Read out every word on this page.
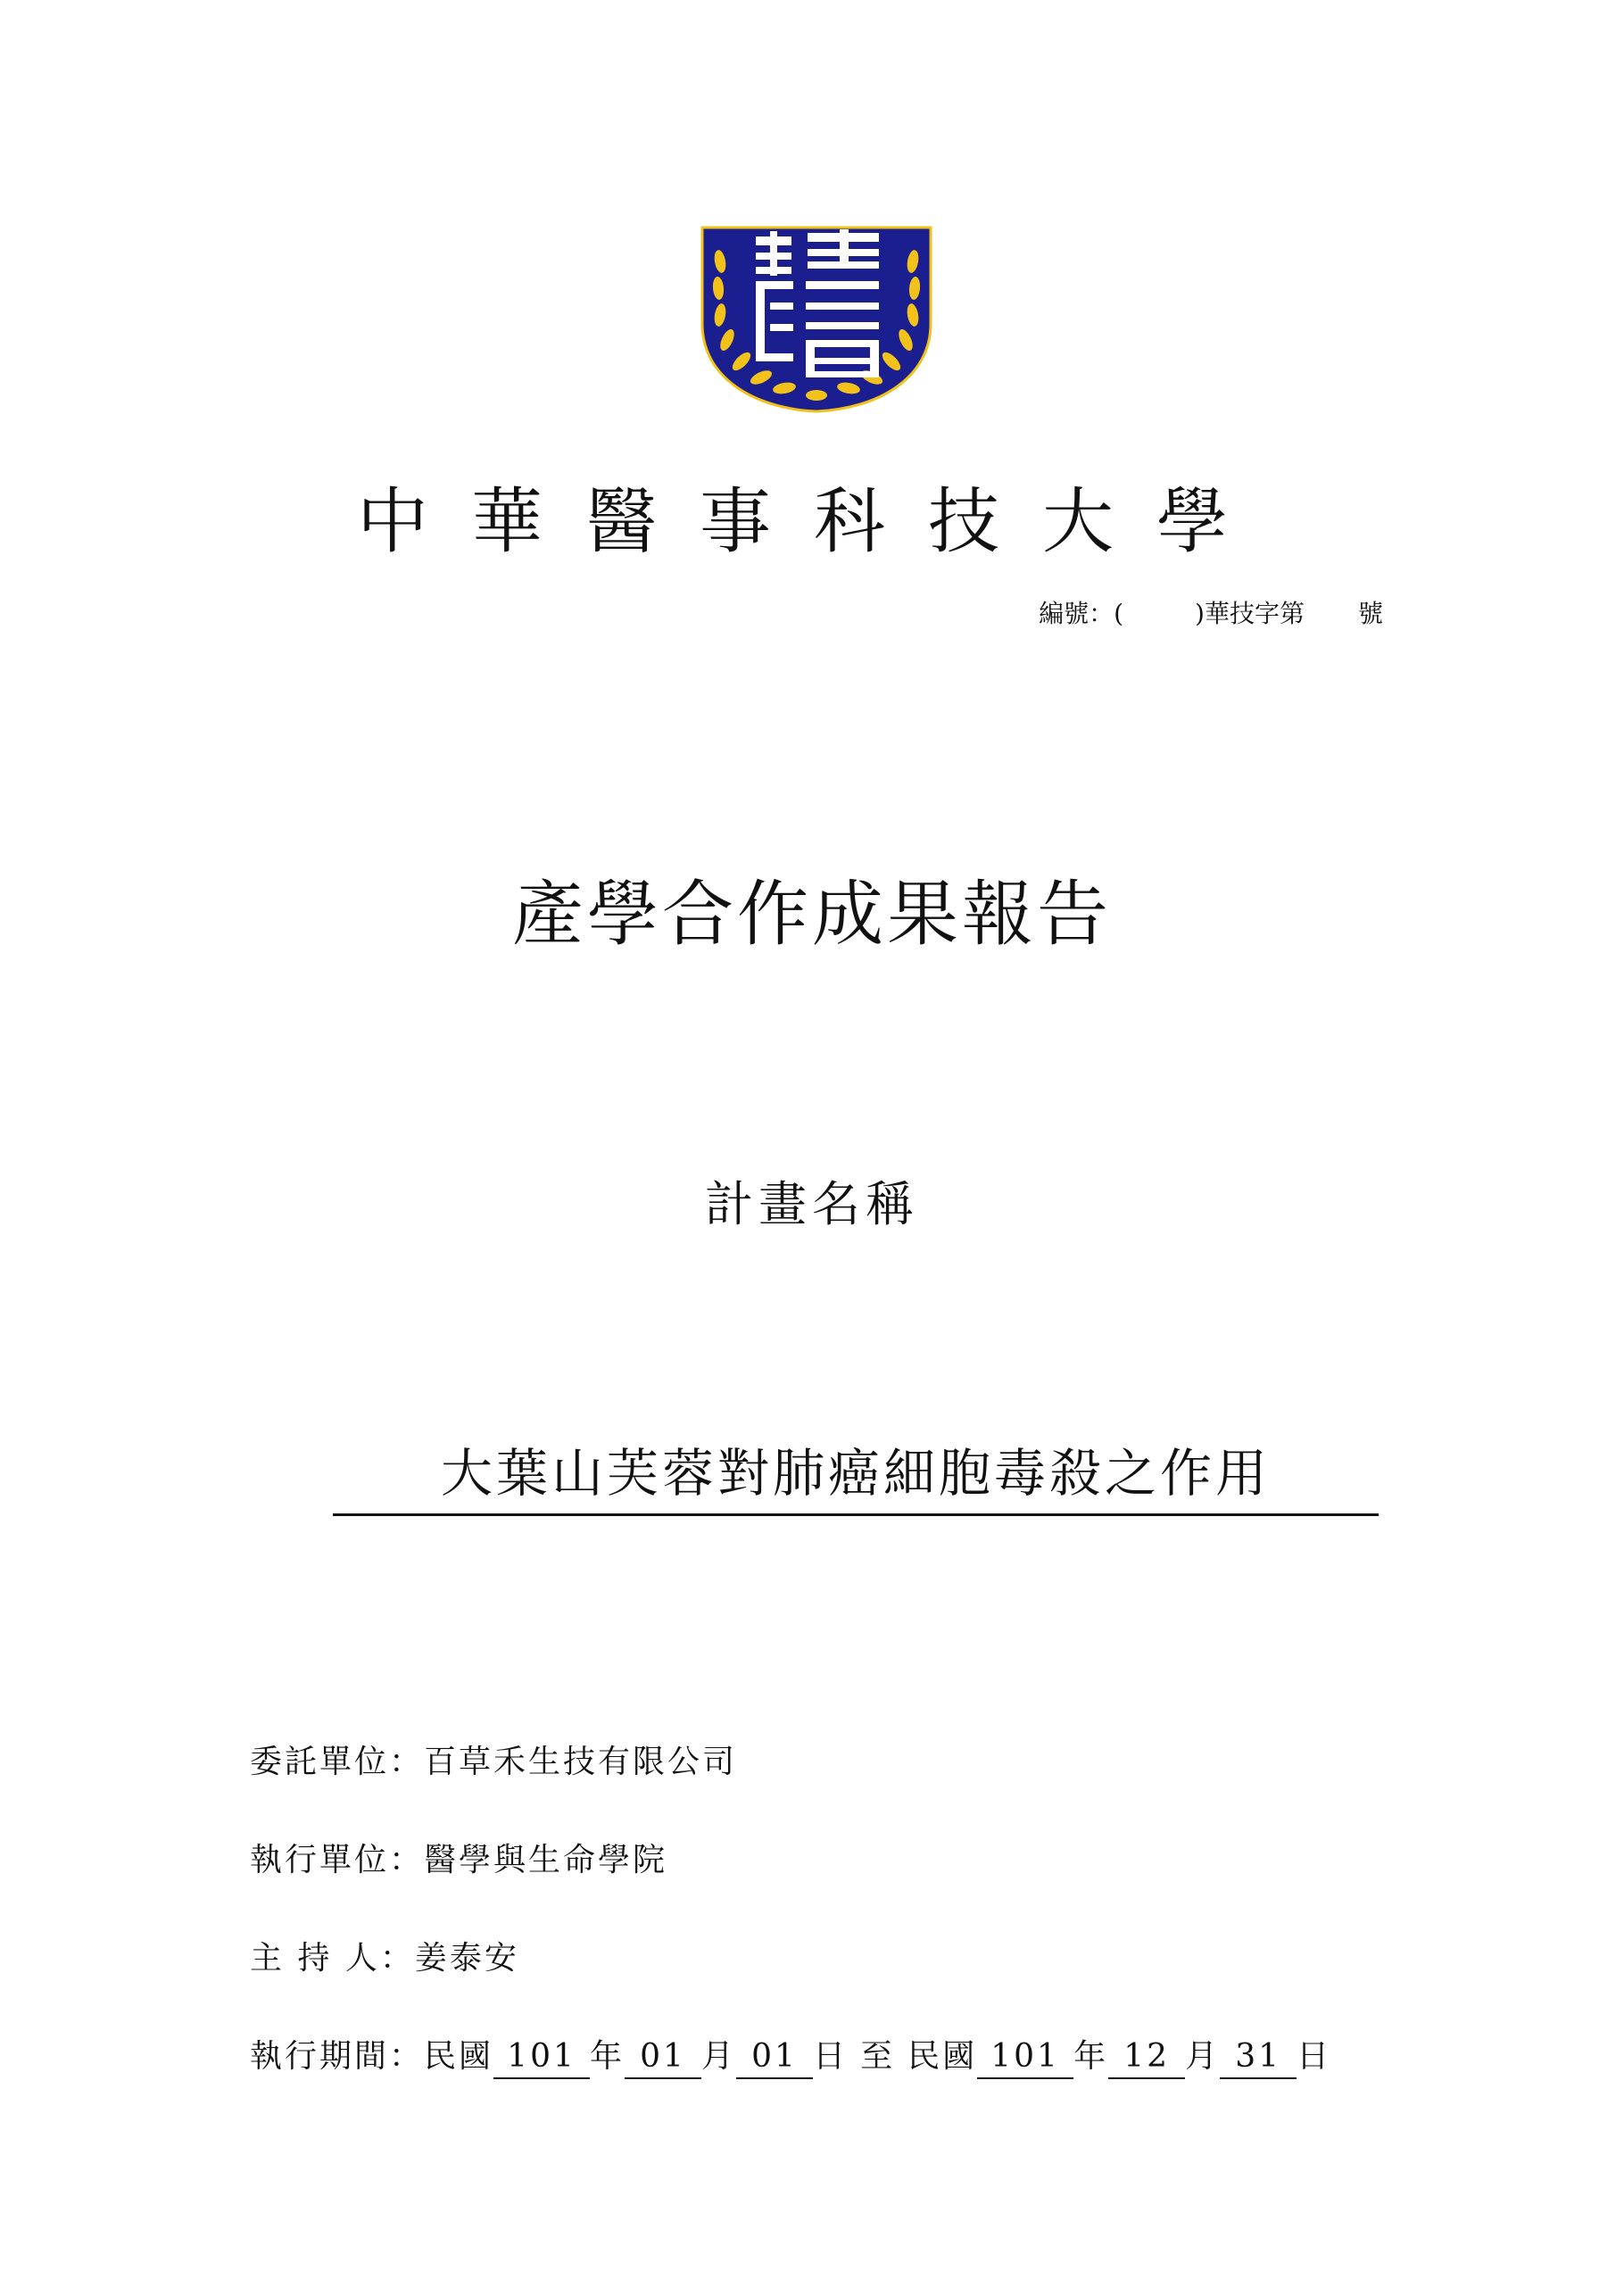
中華醫事科技大學
編號：(	)華技字第 號
產學合作成果報告
計畫名稱
大葉山芙蓉對肺癌細胞毒殺之作用
委託單位：百草禾生技有限公司
執行單位：醫學與生命學院
主 持 人：姜泰安
執行期間：民國 101 年 01 月 01 日 至 民國 101 年 12 月 31 日
